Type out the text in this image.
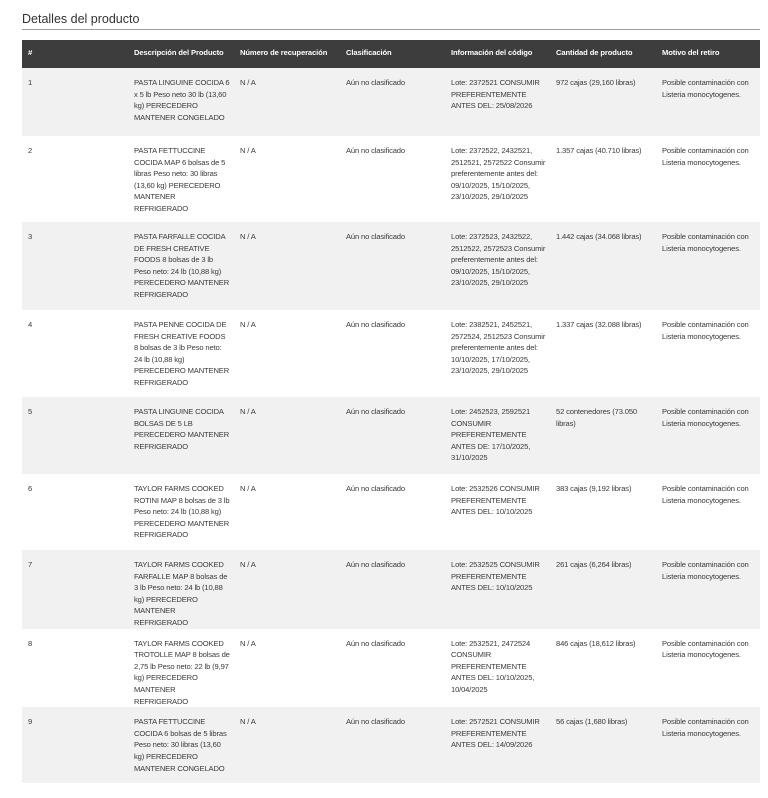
Detalles del producto
#	Descripción del Producto	Número de recuperación	Clasificación	Información del código	Cantidad de producto	Motivo del retiro
1	PASTA LINGUINE COCIDA 6 x 5 lb Peso neto 30 lb (13,60 kg) PERECEDERO MANTENER CONGELADO	N / A	Aún no clasificado	Lote: 2372521 CONSUMIR PREFERENTEMENTE ANTES DEL: 25/08/2026	972 cajas (29,160 libras)	Posible contaminación con Listeria monocytogenes.
2	PASTA FETTUCCINE COCIDA MAP 6 bolsas de 5 libras Peso neto: 30 libras (13,60 kg) PERECEDERO MANTENER REFRIGERADO	N / A	Aún no clasificado	Lote: 2372522, 2432521, 2512521, 2572522 Consumir preferentemente antes del: 09/10/2025, 15/10/2025, 23/10/2025, 29/10/2025	1.357 cajas (40.710 libras)	Posible contaminación con Listeria monocytogenes.
3	PASTA FARFALLE COCIDA DE FRESH CREATIVE FOODS 8 bolsas de 3 lb Peso neto: 24 lb (10,88 kg) PERECEDERO MANTENER REFRIGERADO	N / A	Aún no clasificado	Lote: 2372523, 2432522, 2512522, 2572523 Consumir preferentemente antes del: 09/10/2025, 15/10/2025, 23/10/2025, 29/10/2025	1.442 cajas (34.068 libras)	Posible contaminación con Listeria monocytogenes.
4	PASTA PENNE COCIDA DE FRESH CREATIVE FOODS 8 bolsas de 3 lb Peso neto: 24 lb (10,88 kg) PERECEDERO MANTENER REFRIGERADO	N / A	Aún no clasificado	Lote: 2382521, 2452521, 2572524, 2512523 Consumir preferentemente antes del: 10/10/2025, 17/10/2025, 23/10/2025, 29/10/2025	1.337 cajas (32.088 libras)	Posible contaminación con Listeria monocytogenes.
5	PASTA LINGUINE COCIDA BOLSAS DE 5 LB PERECEDERO MANTENER REFRIGERADO	N / A	Aún no clasificado	Lote: 2452523, 2592521 CONSUMIR PREFERENTEMENTE ANTES DE: 17/10/2025, 31/10/2025	52 contenedores (73.050 libras)	Posible contaminación con Listeria monocytogenes.
6	TAYLOR FARMS COOKED ROTINI MAP 8 bolsas de 3 lb Peso neto: 24 lb (10,88 kg) PERECEDERO MANTENER REFRIGERADO	N / A	Aún no clasificado	Lote: 2532526 CONSUMIR PREFERENTEMENTE ANTES DEL: 10/10/2025	383 cajas (9,192 libras)	Posible contaminación con Listeria monocytogenes.
7	TAYLOR FARMS COOKED FARFALLE MAP 8 bolsas de 3 lb Peso neto: 24 lb (10,88 kg) PERECEDERO MANTENER REFRIGERADO	N / A	Aún no clasificado	Lote: 2532525 CONSUMIR PREFERENTEMENTE ANTES DEL: 10/10/2025	261 cajas (6,264 libras)	Posible contaminación con Listeria monocytogenes.
8	TAYLOR FARMS COOKED TROTOLLE MAP 8 bolsas de 2,75 lb Peso neto: 22 lb (9,97 kg) PERECEDERO MANTENER REFRIGERADO	N / A	Aún no clasificado	Lote: 2532521, 2472524 CONSUMIR PREFERENTEMENTE ANTES DEL: 10/10/2025, 10/04/2025	846 cajas (18,612 libras)	Posible contaminación con Listeria monocytogenes.
9	PASTA FETTUCCINE COCIDA 6 bolsas de 5 libras Peso neto: 30 libras (13,60 kg) PERECEDERO MANTENER CONGELADO	N / A	Aún no clasificado	Lote: 2572521 CONSUMIR PREFERENTEMENTE ANTES DEL: 14/09/2026	56 cajas (1,680 libras)	Posible contaminación con Listeria monocytogenes.
